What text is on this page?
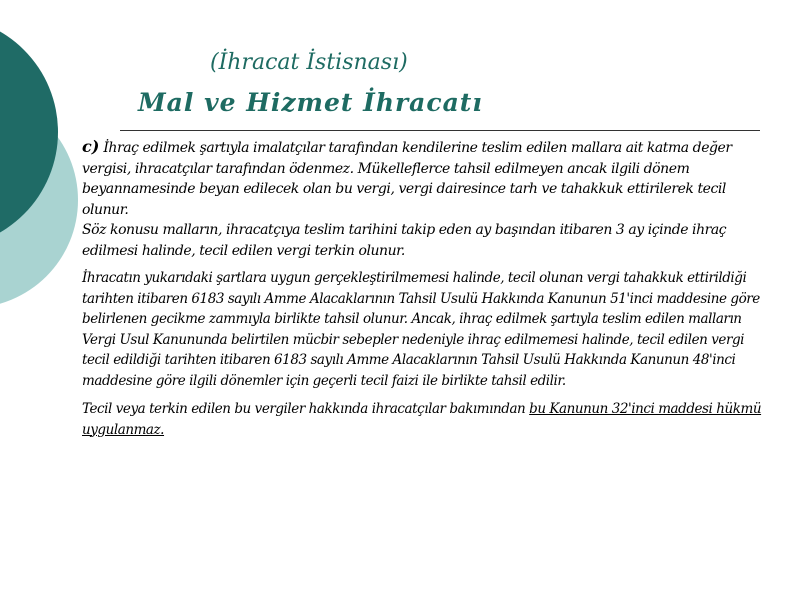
(İhracat İstisnası)
Mal ve Hizmet İhracatı

c) İhraç edilmek şartıyla imalatçılar tarafından kendilerine teslim edilen mallara ait katma değer vergisi, ihracatçılar tarafından ödenmez. Mükelleflerce tahsil edilmeyen ancak ilgili dönem beyannamesinde beyan edilecek olan bu vergi, vergi dairesince tarh ve tahakkuk ettirilerek tecil olunur.
Söz konusu malların, ihracatçıya teslim tarihini takip eden ay başından itibaren 3 ay içinde ihraç edilmesi halinde, tecil edilen vergi terkin olunur.

İhracatın yukarıdaki şartlara uygun gerçekleştirilmemesi halinde, tecil olunan vergi tahakkuk ettirildiği tarihten itibaren 6183 sayılı Amme Alacaklarının Tahsil Usulü Hakkında Kanunun 51'inci maddesine göre belirlenen gecikme zammıyla birlikte tahsil olunur. Ancak, ihraç edilmek şartıyla teslim edilen malların Vergi Usul Kanununda belirtilen mücbir sebepler nedeniyle ihraç edilmemesi halinde, tecil edilen vergi tecil edildiği tarihten itibaren 6183 sayılı Amme Alacaklarının Tahsil Usulü Hakkında Kanunun 48'inci maddesine göre ilgili dönemler için geçerli tecil faizi ile birlikte tahsil edilir.

Tecil veya terkin edilen bu vergiler hakkında ihracatçılar bakımından bu Kanunun 32'inci maddesi hükmü uygulanmaz.
